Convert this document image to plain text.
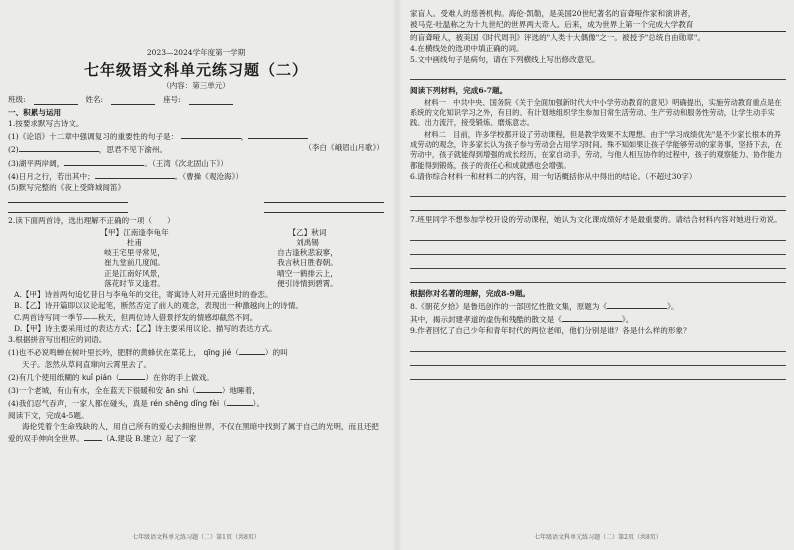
2023—2024学年度第一学期
七年级语文科单元练习题（二）
（内容：第三单元）
班级:	姓名:	座号:
一、积累与运用
1.按要求默写古诗文。
(1)《论语》十二章中强调复习的重要性的句子是：	，
(2)	，思君不见下渝州。	（李白《峨眉山月歌》）
(3)湖平两岸阔，	。（王湾《次北固山下》）
(4)日月之行，若出其中；	。（曹操《观沧海》）
(5)默写完整的《夜上受降城闻笛》
2.读下面两首诗，选出理解不正确的一项（　　）
【甲】江南逢李龟年	【乙】秋词
杜甫	刘禹锡
岐王宅里寻常见，	自古逢秋悲寂寥，
崔九堂前几度闻。	我言秋日胜春朝。
正是江南好风景，	晴空一鹤排云上，
落花时节又逢君。	便引诗情到碧霄。
A.【甲】诗首两句追忆昔日与李龟年的交往，寄寓诗人对开元盛世时的眷恋。
B.【乙】诗开篇即以议论起笔，断然否定了前人的观念，表现出一种激越向上的诗情。
C.两首诗写同一季节——秋天，但两位诗人借景抒发的情感却截然不同。
D.【甲】诗主要采用过的表达方式；【乙】诗主要采用议论、描写的表达方式。
3.根据拼音写出相应的词语。
(1)也不必说鸣蝉在树叶里长吟，肥胖的黄蜂伏在菜花上， qīng jié（	）的叫
天子。忽然从草间直窜向云霄里去了。
(2)有几个使用纸糊的 kuǐ pián（	）在你的手上做戏。
(3)一个老城，有山有水，全在蓝天下很暖和安 ān shì（	）地睡着，
(4)我们忍气吞声，一家人都在碰头，真是 rén shēng dǐng fèi（	）。
阅读下文，完成4-5题。
海伦凭着个生命残缺的人，用自己所有的爱心去拥抱世界，不仅在黑暗中找到了属于自己的光明，而且还把爱的双手伸向全世界。 （A.建设 B.建立）起了一家
七年级语文科单元练习题（二）第1页（共8页）
家盲人。受难人的慈善机构。海伦·凯勒，是美国20世纪著名的盲聋哑作家和演讲者，
被马克·吐温称之为十九世纪的世界两大奇人。后来，成为世界上第一个完成大学教育
的盲聋哑人，被美国《时代周刊》评选的"人类十大偶像"之一。被授予"总统自由勋章"。
4.在横线处的选项中填正确的词。
5.文中画线句子是病句，请在下列横线上写出修改意见。
阅读下列材料，完成6-7题。
材料一　中共中央、国务院《关于全面加强新时代大中小学劳动教育的意见》明确提出，实施劳动教育重点是在系统的文化知识学习之外，有目的、有计划地组织学生参加日常生活劳动、生产劳动和服务性劳动，让学生动手实践、出力流汗，接受锻炼、磨炼意志。
材料二　目前，许多学校都开设了劳动课程，但是教学效果不太理想。由于"学习成绩优先"是不少家长根本的养成劳动的观念，许多家长认为孩子参与劳动会占用学习时间。殊不知如果让孩子学能够劳动的家务事，坚持下去，在劳动中，孩子就能得到增强的成长经历，在家自动手，劳动，与他人相互协作的过程中，孩子的观察能力、协作能力都能得到锻炼，孩子的责任心和成就感也会增强。
6.请你综合材料一和材料二的内容，用一句话概括你从中得出的结论。（不超过30字）
7.班里同学不想参加学校开设的劳动课程，她认为文化课成绩好才是最重要的。请结合材料内容对她进行劝说。
根据你对名著的理解，完成8-9题。
8.《朝花夕拾》是鲁迅创作的一部回忆性散文集，原题为《	》。
其中，揭示封建孝道的虚伪和残酷的散文是《	》。
9.作者回忆了自己少年和青年时代的两位老师，他们分别是谁？各是什么样的形象？
七年级语文科单元练习题（二）第2页（共8页）
